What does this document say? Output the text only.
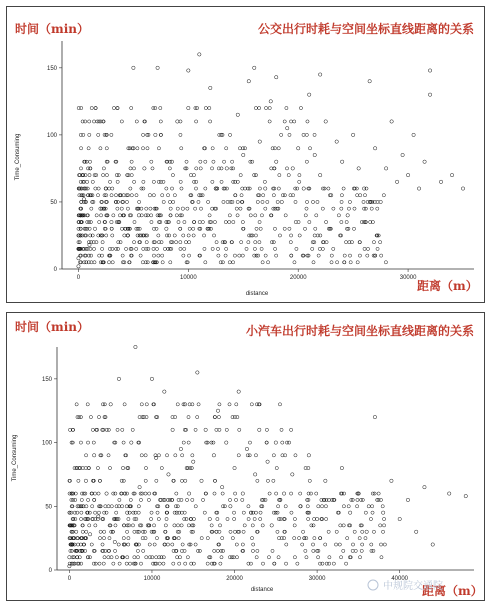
公交出行时耗与空间坐标直线距离的关系
时间（min）
距离（m）
Time_Consuming
distance
0	10000	20000	30000
0
50
100
150
小汽车出行时耗与空间坐标直线距离的关系
时间（min）
距离（m）
Time_Consuming
distance	中规院交通院
0	10000	20000	30000	40000
0
50
100
150
